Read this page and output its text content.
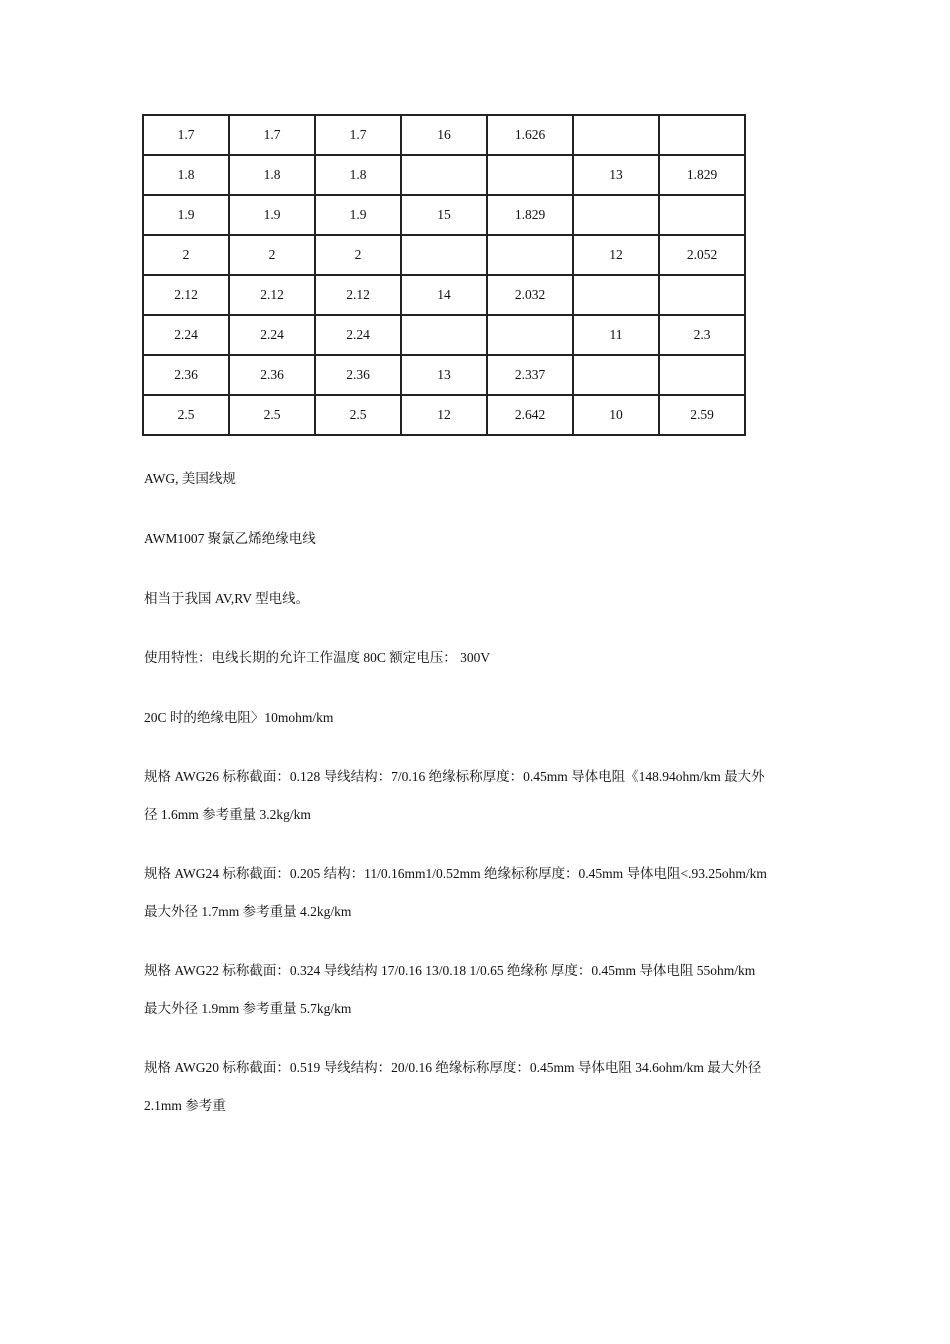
1.7	1.7	1.7	16	1.626		
1.8	1.8	1.8			13	1.829
1.9	1.9	1.9	15	1.829		
2	2	2			12	2.052
2.12	2.12	2.12	14	2.032		
2.24	2.24	2.24			11	2.3
2.36	2.36	2.36	13	2.337		
2.5	2.5	2.5	12	2.642	10	2.59
AWG, 美国线规
AWM1007 聚氯乙烯绝缘电线
相当于我国 AV,RV 型电线。
使用特性：电线长期的允许工作温度 80C 额定电压： 300V
20C 时的绝缘电阻〉10mohm/km
规格 AWG26 标称截面：0.128 导线结构：7/0.16 绝缘标称厚度：0.45mm 导体电阻《148.94ohm/km 最大外
径 1.6mm 参考重量 3.2kg/km
规格 AWG24 标称截面：0.205 结构：11/0.16mm1/0.52mm 绝缘标称厚度：0.45mm 导体电阻<.93.25ohm/km
最大外径 1.7mm 参考重量 4.2kg/km
规格 AWG22 标称截面：0.324 导线结构 17/0.16 13/0.18 1/0.65 绝缘称 厚度：0.45mm 导体电阻 55ohm/km
最大外径 1.9mm 参考重量 5.7kg/km
规格 AWG20 标称截面：0.519 导线结构：20/0.16 绝缘标称厚度：0.45mm 导体电阻 34.6ohm/km 最大外径
2.1mm 参考重
